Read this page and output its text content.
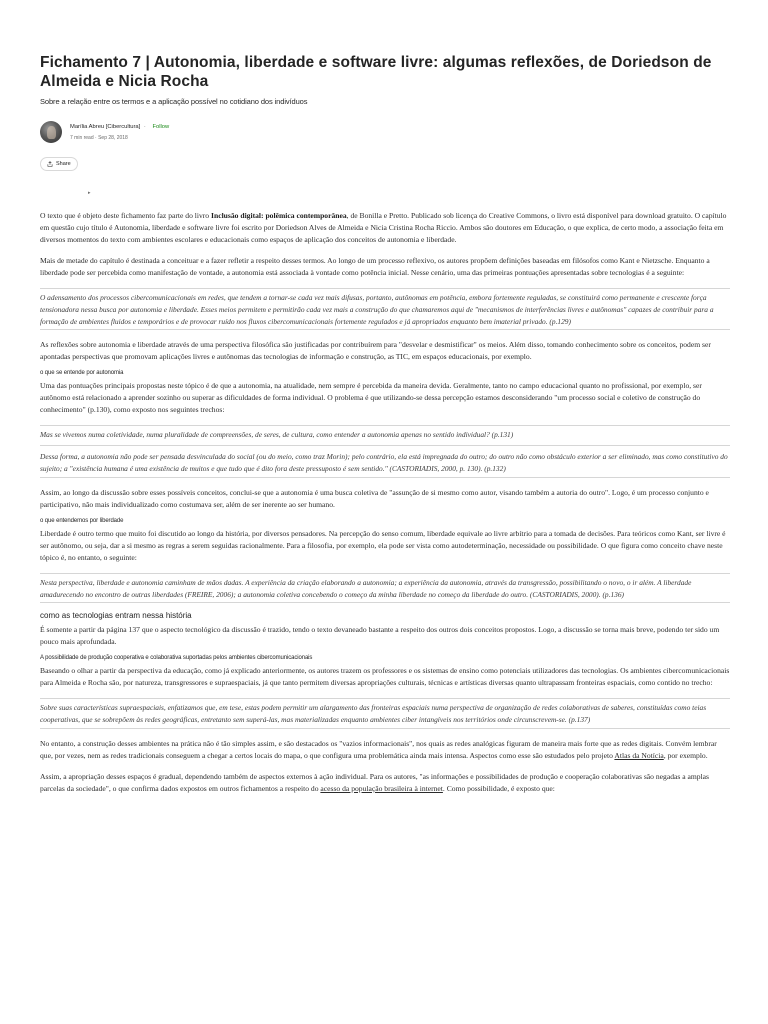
Fichamento 7 | Autonomia, liberdade e software livre: algumas reflexões, de Doriedson de Almeida e Nicia Rocha
Sobre a relação entre os termos e a aplicação possível no cotidiano dos indivíduos
Marília Abreu [Cibercultura] · Follow
7 min read · Sep 28, 2018
Share
▸

O texto que é objeto deste fichamento faz parte do livro Inclusão digital: polêmica contemporânea, de Bonilla e Pretto. Publicado sob licença do Creative Commons, o livro está disponível para download gratuito. O capítulo em questão cujo título é Autonomia, liberdade e software livre foi escrito por Doriedson Alves de Almeida e Nicia Cristina Rocha Riccio. Ambos são doutores em Educação, o que explica, de certo modo, a associação feita em diversos momentos do texto com ambientes escolares e educacionais como espaços de aplicação dos conceitos de autonomia e liberdade.

Mais de metade do capítulo é destinada a conceituar e a fazer refletir a respeito desses termos. Ao longo de um processo reflexivo, os autores propõem definições baseadas em filósofos como Kant e Nietzsche. Enquanto a liberdade pode ser percebida como manifestação de vontade, a autonomia está associada à vontade como potência inicial. Nesse cenário, uma das primeiras pontuações apresentadas sobre tecnologias é a seguinte:

O adensamento dos processos cibercomunicacionais em redes, que tendem a tornar-se cada vez mais difusas, portanto, autônomas em potência, embora fortemente reguladas, se constituirá como permanente e crescente força tensionadora nessa busca por autonomia e liberdade. Esses meios permitem e permitirão cada vez mais a construção do que chamaremos aqui de "mecanismos de interferências livres e autônomas" capazes de contribuir para a formação de ambientes fluidos e temporários e de provocar ruído nos fluxos cibercomunicacionais fortemente regulados e já apropriados enquanto bem imaterial privado. (p.129)

As reflexões sobre autonomia e liberdade através de uma perspectiva filosófica são justificadas por contribuírem para "desvelar e desmistificar" os meios. Além disso, tomando conhecimento sobre os conceitos, podem ser apontadas perspectivas que promovam aplicações livres e autônomas das tecnologias de informação e construção, as TIC, em espaços educacionais, por exemplo.

o que se entende por autonomia

Uma das pontuações principais propostas neste tópico é de que a autonomia, na atualidade, nem sempre é percebida da maneira devida. Geralmente, tanto no campo educacional quanto no profissional, por exemplo, ser autônomo está relacionado a aprender sozinho ou superar as dificuldades de forma individual. O problema é que utilizando-se dessa percepção estamos desconsiderando "um processo social e coletivo de construção do conhecimento" (p.130), como exposto nos seguintes trechos:

Mas se vivemos numa coletividade, numa pluralidade de compreensões, de seres, de cultura, como entender a autonomia apenas no sentido individual? (p.131)
Dessa forma, a autonomia não pode ser pensada desvinculada do social (ou do meio, como traz Morin); pelo contrário, ela está impregnada do outro; do outro não como obstáculo exterior a ser eliminado, mas como constitutivo do sujeito; a "existência humana é uma existência de muitos e que tudo que é dito fora deste pressuposto é sem sentido." (CASTORIADIS, 2000, p. 130). (p.132)

Assim, ao longo da discussão sobre esses possíveis conceitos, conclui-se que a autonomia é uma busca coletiva de "assunção de si mesmo como autor, visando também a autoria do outro". Logo, é um processo conjunto e participativo, não mais individualizado como costumava ser, além de ser inerente ao ser humano.

o que entendemos por liberdade

Liberdade é outro termo que muito foi discutido ao longo da história, por diversos pensadores. Na percepção do senso comum, liberdade equivale ao livre arbítrio para a tomada de decisões. Para teóricos como Kant, ser livre é ser autônomo, ou seja, dar a si mesmo as regras a serem seguidas racionalmente. Para a filosofia, por exemplo, ela pode ser vista como autodeterminação, necessidade ou possibilidade. O que figura como conceito chave neste tópico é, no entanto, o seguinte:

Nesta perspectiva, liberdade e autonomia caminham de mãos dadas. A experiência da criação elaborando a autonomia; a experiência da autonomia, através da transgressão, possibilitando o novo, o ir além. A liberdade amadurecendo no encontro de outras liberdades (FREIRE, 2006); a autonomia coletiva concebendo o começo da minha liberdade no começo da liberdade do outro. (CASTORIADIS, 2000). (p.136)
como as tecnologias entram nessa história

É somente a partir da página 137 que o aspecto tecnológico da discussão é trazido, tendo o texto devaneado bastante a respeito dos outros dois conceitos propostos. Logo, a discussão se torna mais breve, podendo ter sido um pouco mais aprofundada.

A possibilidade de produção cooperativa e colaborativa suportadas pelos ambientes cibercomunicacionais

Baseando o olhar a partir da perspectiva da educação, como já explicado anteriormente, os autores trazem os professores e os sistemas de ensino como potenciais utilizadores das tecnologias. Os ambientes cibercomunicacionais para Almeida e Rocha são, por natureza, transgressores e supraespaciais, já que tanto permitem diversas apropriações culturais, técnicas e artísticas diversas quanto ultrapassam fronteiras espaciais, como contido no trecho:

Sobre suas características supraespaciais, enfatizamos que, em tese, estas podem permitir um alargamento das fronteiras espaciais numa perspectiva de organização de redes colaborativas de saberes, constituídas como teias cooperativas, que se sobrepõem às redes geográficas, entretanto sem superá-las, mas materializadas enquanto ambientes ciber intangíveis nos territórios onde circunscrevem-se. (p.137)

No entanto, a construção desses ambientes na prática não é tão simples assim, e são destacados os "vazios informacionais", nos quais as redes analógicas figuram de maneira mais forte que as redes digitais. Convém lembrar que, por vezes, nem as redes tradicionais conseguem a chegar a certos locais do mapa, o que configura uma problemática ainda mais intensa. Aspectos como esse são estudados pelo projeto Atlas da Notícia, por exemplo.

Assim, a apropriação desses espaços é gradual, dependendo também de aspectos externos à ação individual. Para os autores, "as informações e possibilidades de produção e cooperação colaborativas são negadas a amplas parcelas da sociedade", o que confirma dados expostos em outros fichamentos a respeito do acesso da população brasileira à internet. Como possibilidade, é exposto que:
